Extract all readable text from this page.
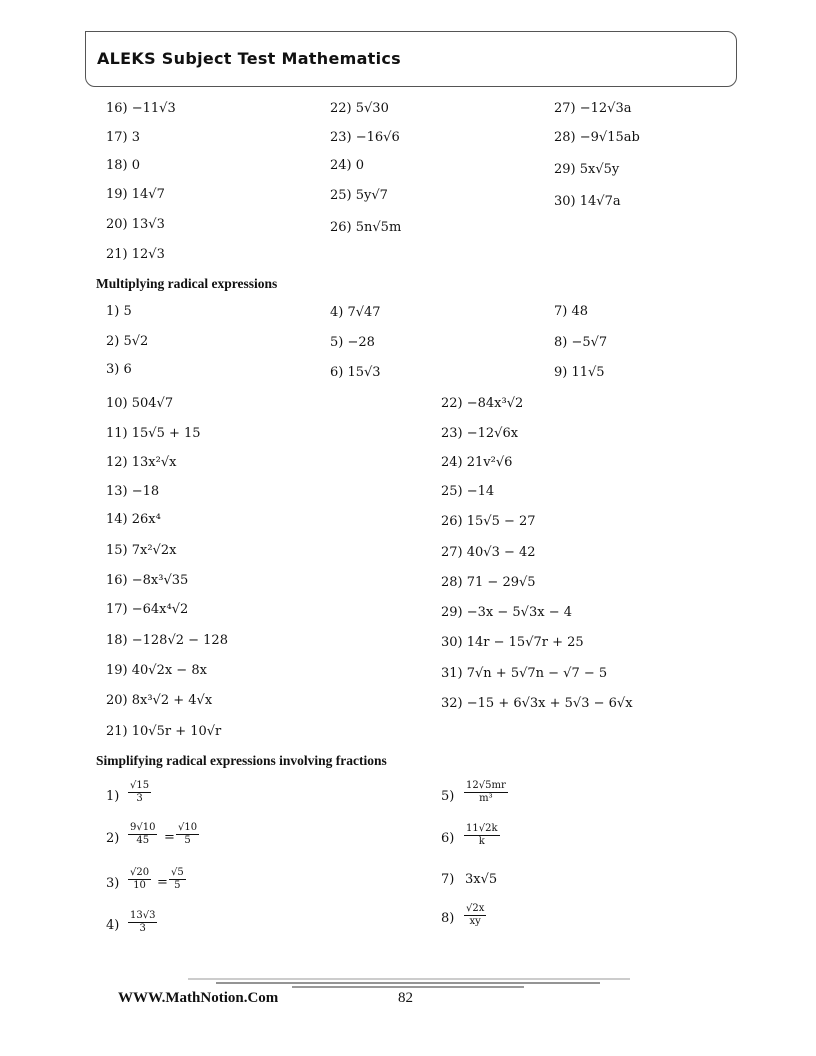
ALEKS Subject Test Mathematics
16) −11√3
17) 3
18) 0
19) 14√7
20) 13√3
21) 12√3
22) 5√30
23) −16√6
24) 0
25) 5y√7
26) 5n√5m
27) −12√3a
28) −9√15ab
29) 5x√5y
30) 14√7a
Multiplying radical expressions
1) 5
2) 5√2
3) 6
4) 7√47
5) −28
6) 15√3
7) 48
8) −5√7
9) 11√5
10) 504√7
11) 15√5 + 15
12) 13x²√x
13) −18
14) 26x⁴
15) 7x²√2x
16) −8x³√35
17) −64x⁴√2
18) −128√2 − 128
19) 40√2x − 8x
20) 8x³√2 + 4√x
21) 10√5r + 10√r
22) −84x³√2
23) −12√6x
24) 21v²√6
25) −14
26) 15√5 − 27
27) 40√3 − 42
28) 71 − 29√5
29) −3x − 5√3x − 4
30) 14r − 15√7r + 25
31) 7√n + 5√7n − √7 − 5
32) −15 + 6√3x + 5√3 − 6√x
Simplifying radical expressions involving fractions
$1) \frac{√15}{3}$
$2) \frac{9√10}{45} = \frac{√10}{5}$
$3) \frac{√20}{10} = \frac{√5}{5}$
$4) \frac{13√3}{3}$
$5) \frac{12√5mr}{\text{m³}}$
$6) \frac{11√2k}{k}$
7) 3x√5
$8) \frac{√2x}{xy}$
WWW.MathNotion.Com	82
